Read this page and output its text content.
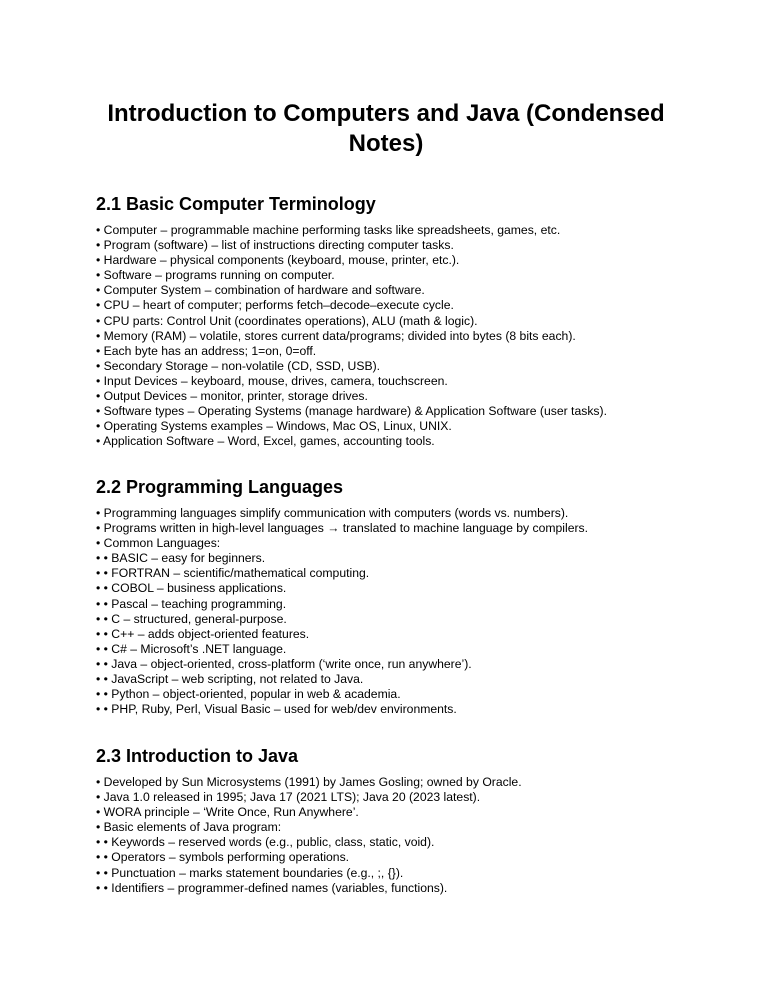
Introduction to Computers and Java (Condensed Notes)
2.1 Basic Computer Terminology
• Computer – programmable machine performing tasks like spreadsheets, games, etc.
• Program (software) – list of instructions directing computer tasks.
• Hardware – physical components (keyboard, mouse, printer, etc.).
• Software – programs running on computer.
• Computer System – combination of hardware and software.
• CPU – heart of computer; performs fetch–decode–execute cycle.
• CPU parts: Control Unit (coordinates operations), ALU (math & logic).
• Memory (RAM) – volatile, stores current data/programs; divided into bytes (8 bits each).
• Each byte has an address; 1=on, 0=off.
• Secondary Storage – non-volatile (CD, SSD, USB).
• Input Devices – keyboard, mouse, drives, camera, touchscreen.
• Output Devices – monitor, printer, storage drives.
• Software types – Operating Systems (manage hardware) & Application Software (user tasks).
• Operating Systems examples – Windows, Mac OS, Linux, UNIX.
• Application Software – Word, Excel, games, accounting tools.
2.2 Programming Languages
• Programming languages simplify communication with computers (words vs. numbers).
• Programs written in high-level languages → translated to machine language by compilers.
• Common Languages:
• • BASIC – easy for beginners.
• • FORTRAN – scientific/mathematical computing.
• • COBOL – business applications.
• • Pascal – teaching programming.
• • C – structured, general-purpose.
• • C++ – adds object-oriented features.
• • C# – Microsoft’s .NET language.
• • Java – object-oriented, cross-platform (‘write once, run anywhere’).
• • JavaScript – web scripting, not related to Java.
• • Python – object-oriented, popular in web & academia.
• • PHP, Ruby, Perl, Visual Basic – used for web/dev environments.
2.3 Introduction to Java
• Developed by Sun Microsystems (1991) by James Gosling; owned by Oracle.
• Java 1.0 released in 1995; Java 17 (2021 LTS); Java 20 (2023 latest).
• WORA principle – ‘Write Once, Run Anywhere’.
• Basic elements of Java program:
• • Keywords – reserved words (e.g., public, class, static, void).
• • Operators – symbols performing operations.
• • Punctuation – marks statement boundaries (e.g., ;, {}).
• • Identifiers – programmer-defined names (variables, functions).
